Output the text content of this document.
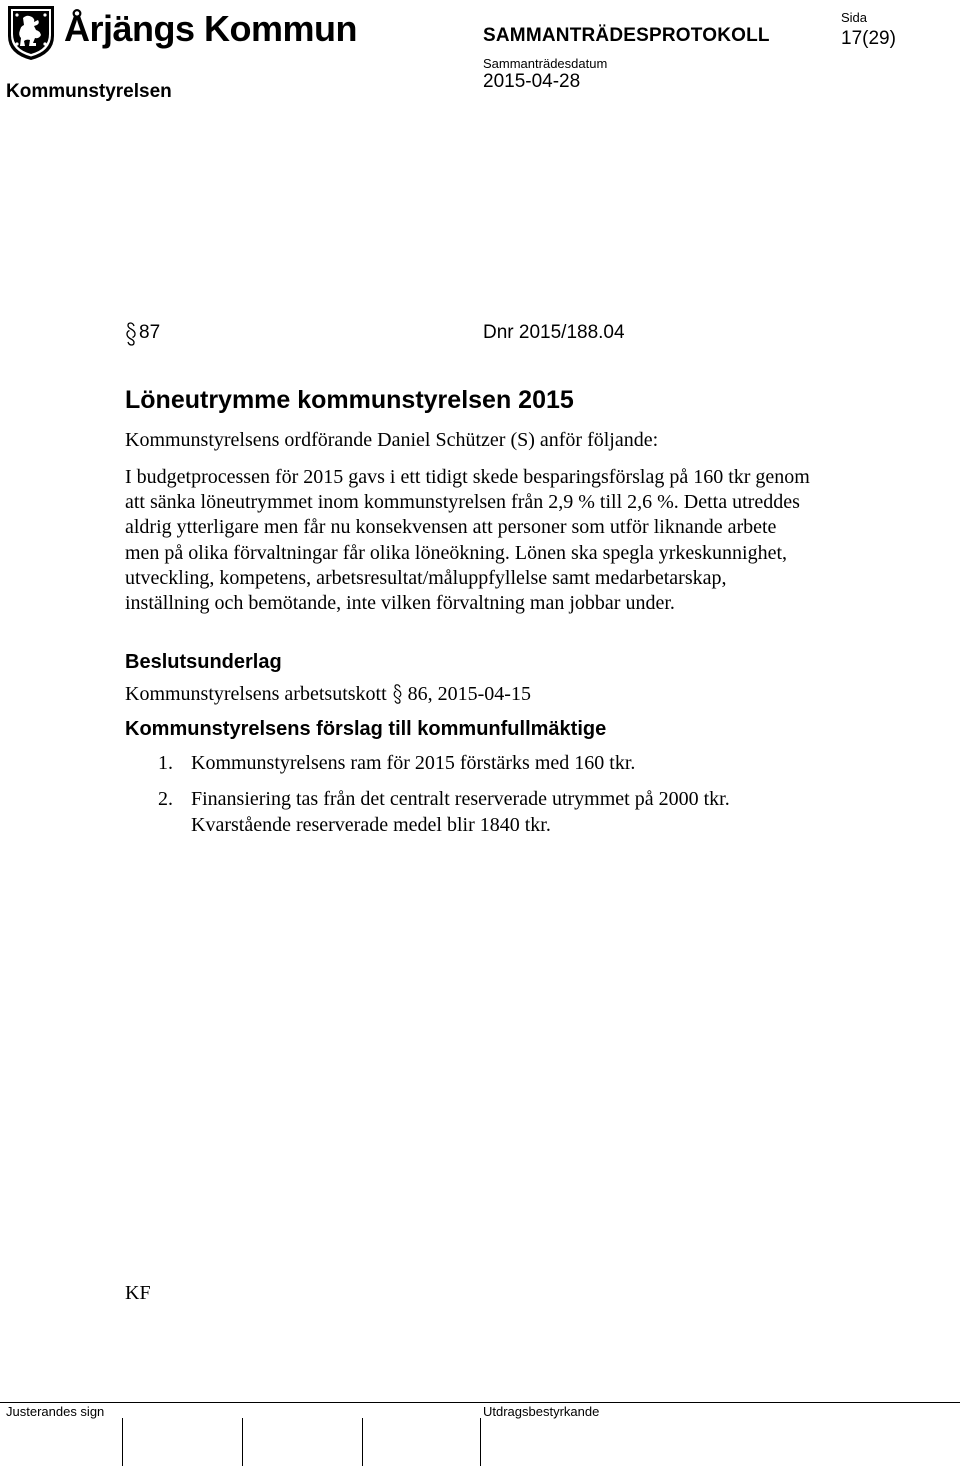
Årjängs Kommun
Kommunstyrelsen
SAMMANTRÄDESPROTOKOLL
Sammanträdesdatum
2015-04-28
Sida
17(29)
87	Dnr 2015/188.04
Löneutrymme kommunstyrelsen 2015
Kommunstyrelsens ordförande Daniel Schützer (S) anför följande:
I budgetprocessen för 2015 gavs i ett tidigt skede besparingsförslag på 160 tkr genom att sänka löneutrymmet inom kommunstyrelsen från 2,9 % till 2,6 %. Detta utreddes aldrig ytterligare men får nu konsekvensen att personer som utför liknande arbete men på olika förvaltningar får olika löneökning. Lönen ska spegla yrkeskunnighet, utveckling, kompetens, arbetsresultat/måluppfyllelse samt medarbetarskap, inställning och bemötande, inte vilken förvaltning man jobbar under.
Beslutsunderlag
Kommunstyrelsens arbetsutskott 86, 2015-04-15
Kommunstyrelsens förslag till kommunfullmäktige
1. Kommunstyrelsens ram för 2015 förstärks med 160 tkr.
2. Finansiering tas från det centralt reserverade utrymmet på 2000 tkr.
Kvarstående reserverade medel blir 1840 tkr.
KF
Justerandes sign	Utdragsbestyrkande
